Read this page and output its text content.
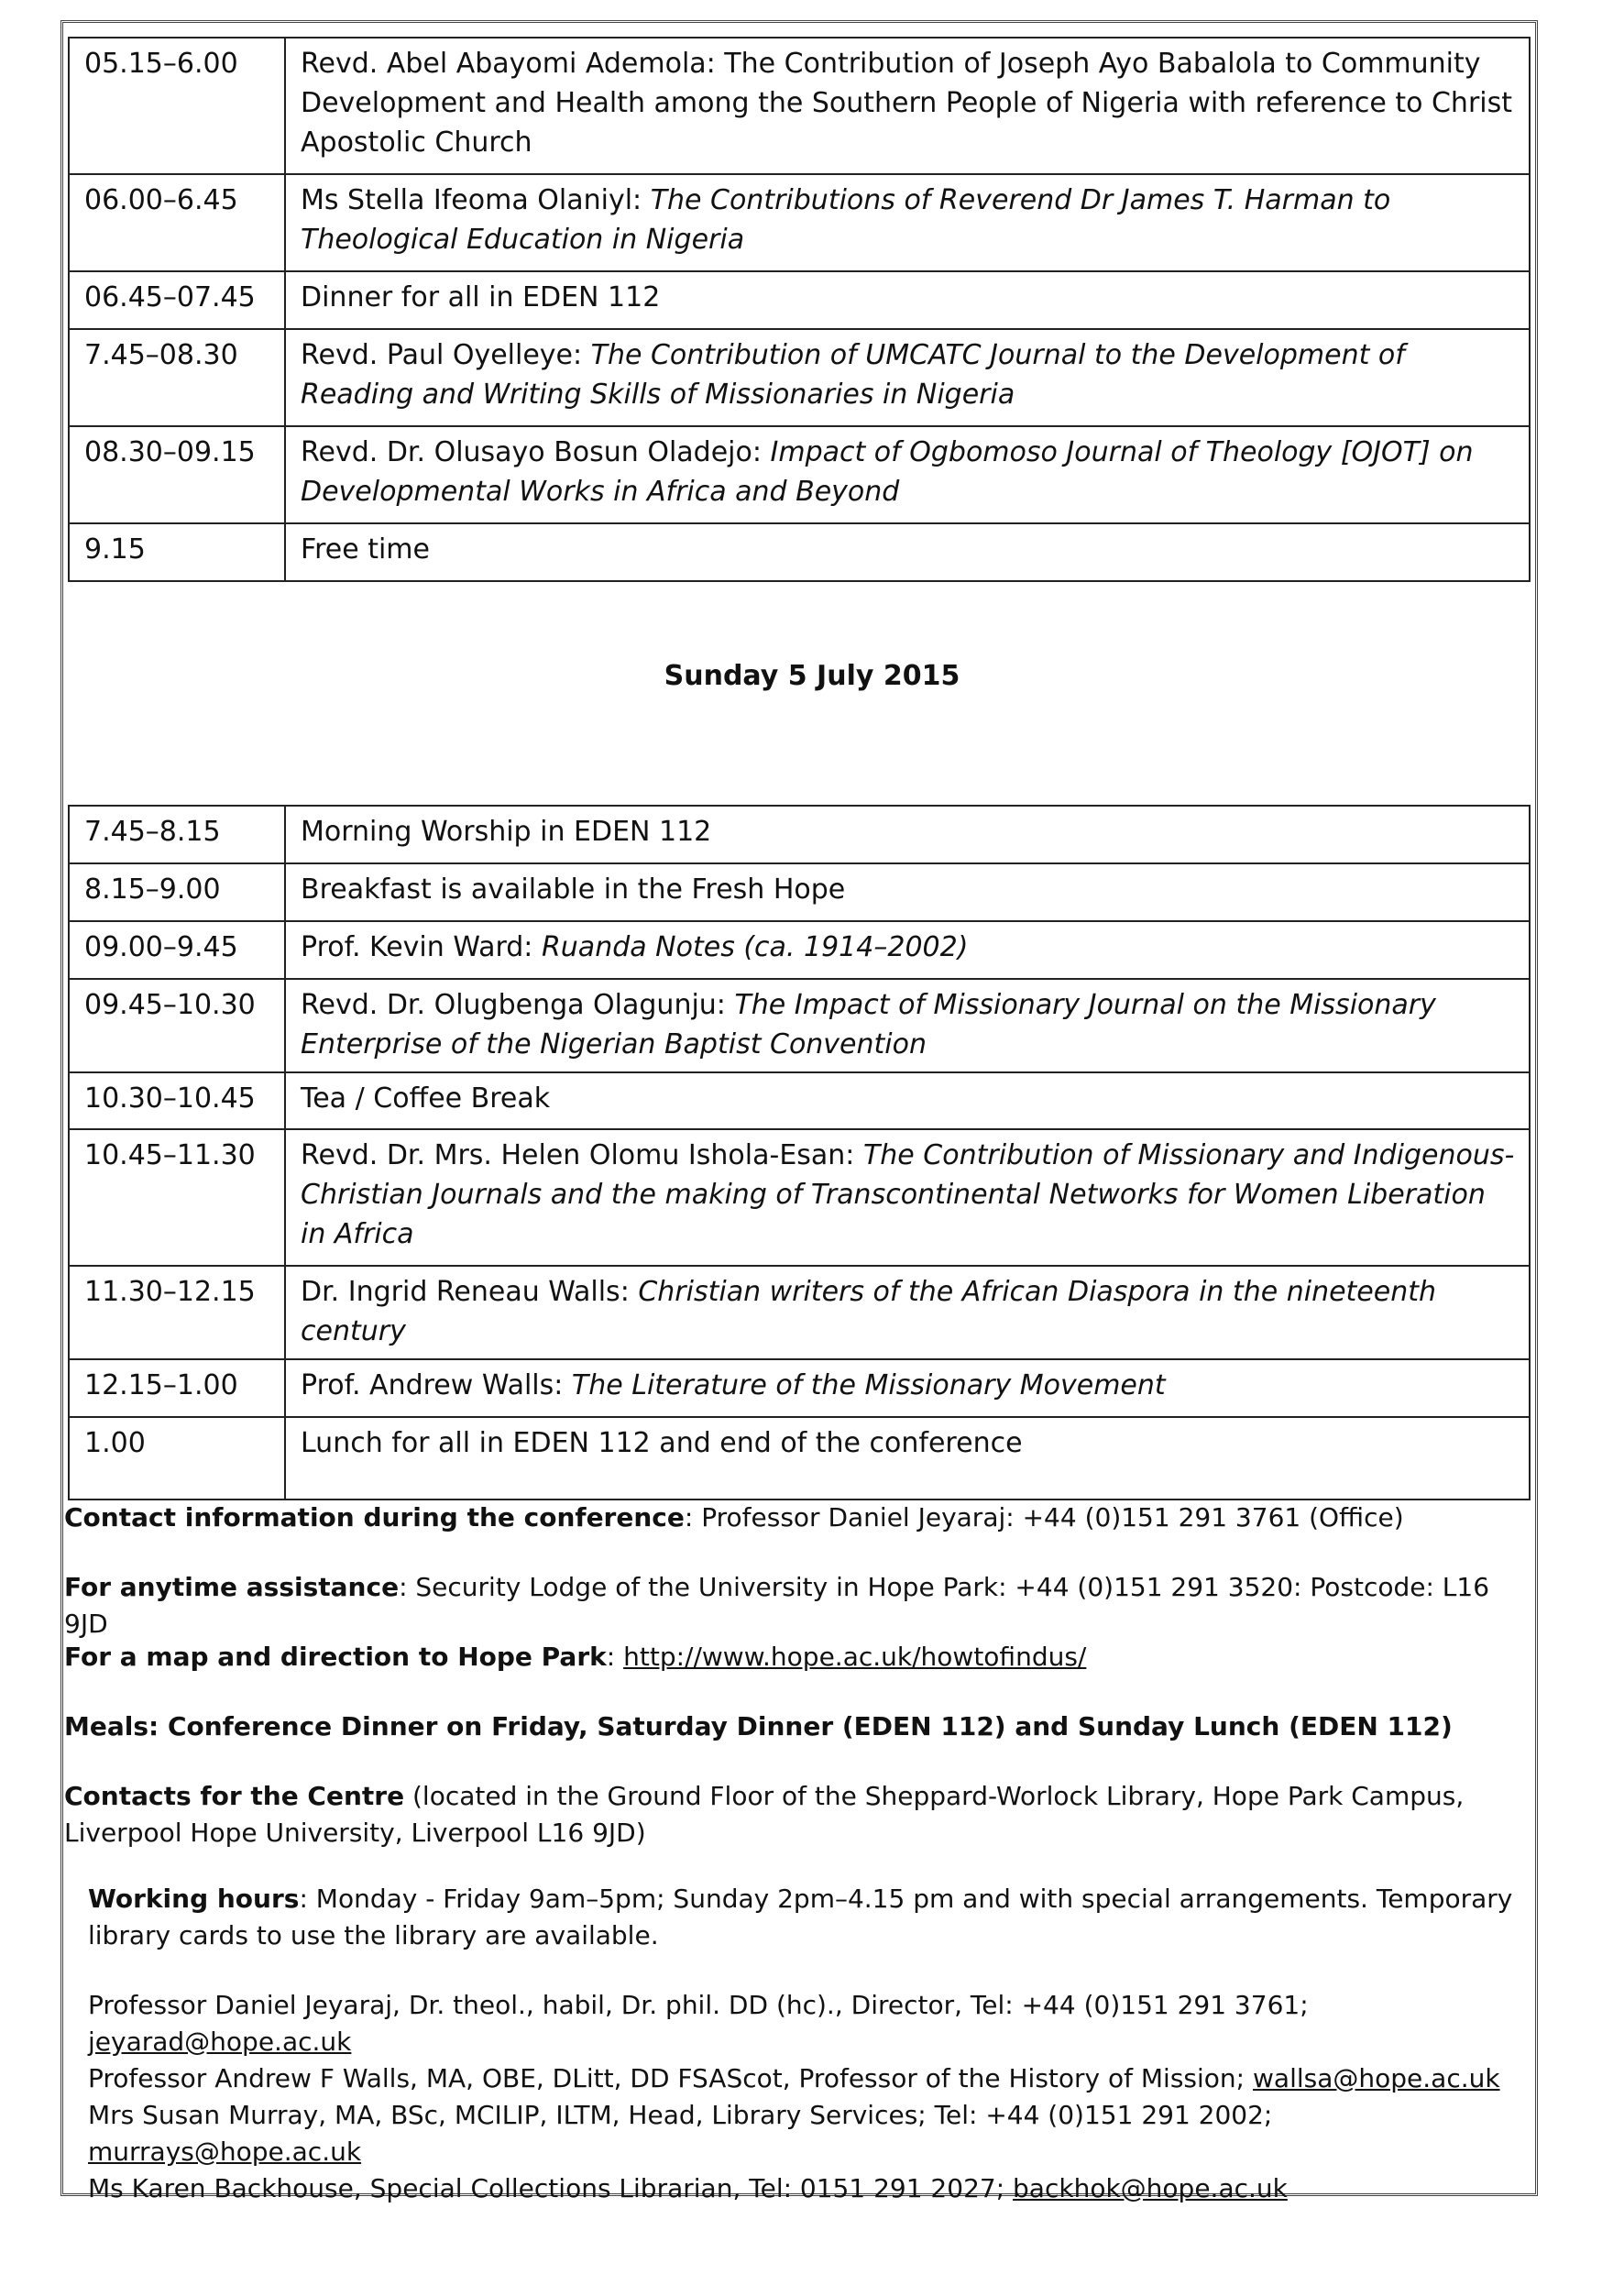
05.15–6.00	Revd. Abel Abayomi Ademola: The Contribution of Joseph Ayo Babalola to Community Development and Health among the Southern People of Nigeria with reference to Christ Apostolic Church
06.00–6.45	Ms Stella Ifeoma Olaniyl: The Contributions of Reverend Dr James T. Harman to Theological Education in Nigeria
06.45–07.45	Dinner for all in EDEN 112
7.45–08.30	Revd. Paul Oyelleye: The Contribution of UMCATC Journal to the Development of Reading and Writing Skills of Missionaries in Nigeria
08.30–09.15	Revd. Dr. Olusayo Bosun Oladejo: Impact of Ogbomoso Journal of Theology [OJOT] on Developmental Works in Africa and Beyond
9.15	Free time
Sunday 5 July 2015
7.45–8.15	Morning Worship in EDEN 112
8.15–9.00	Breakfast is available in the Fresh Hope
09.00–9.45	Prof. Kevin Ward: Ruanda Notes (ca. 1914–2002)
09.45–10.30	Revd. Dr. Olugbenga Olagunju: The Impact of Missionary Journal on the Missionary Enterprise of the Nigerian Baptist Convention
10.30–10.45	Tea / Coffee Break
10.45–11.30	Revd. Dr. Mrs. Helen Olomu Ishola-Esan: The Contribution of Missionary and Indigenous-Christian Journals and the making of Transcontinental Networks for Women Liberation in Africa
11.30–12.15	Dr. Ingrid Reneau Walls: Christian writers of the African Diaspora in the nineteenth century
12.15–1.00	Prof. Andrew Walls: The Literature of the Missionary Movement
1.00	Lunch for all in EDEN 112 and end of the conference
Contact information during the conference: Professor Daniel Jeyaraj: +44 (0)151 291 3761 (Office)
For anytime assistance: Security Lodge of the University in Hope Park: +44 (0)151 291 3520: Postcode: L16 9JD
For a map and direction to Hope Park: http://www.hope.ac.uk/howtofindus/
Meals: Conference Dinner on Friday, Saturday Dinner (EDEN 112) and Sunday Lunch (EDEN 112)
Contacts for the Centre (located in the Ground Floor of the Sheppard-Worlock Library, Hope Park Campus, Liverpool Hope University, Liverpool L16 9JD)
Working hours: Monday - Friday 9am–5pm; Sunday 2pm–4.15 pm and with special arrangements. Temporary library cards to use the library are available.
Professor Daniel Jeyaraj, Dr. theol., habil, Dr. phil. DD (hc)., Director, Tel: +44 (0)151 291 3761; jeyarad@hope.ac.uk
Professor Andrew F Walls, MA, OBE, DLitt, DD FSAScot, Professor of the History of Mission; wallsa@hope.ac.uk
Mrs Susan Murray, MA, BSc, MCILIP, ILTM, Head, Library Services; Tel: +44 (0)151 291 2002; murrays@hope.ac.uk
Ms Karen Backhouse, Special Collections Librarian, Tel: 0151 291 2027; backhok@hope.ac.uk
